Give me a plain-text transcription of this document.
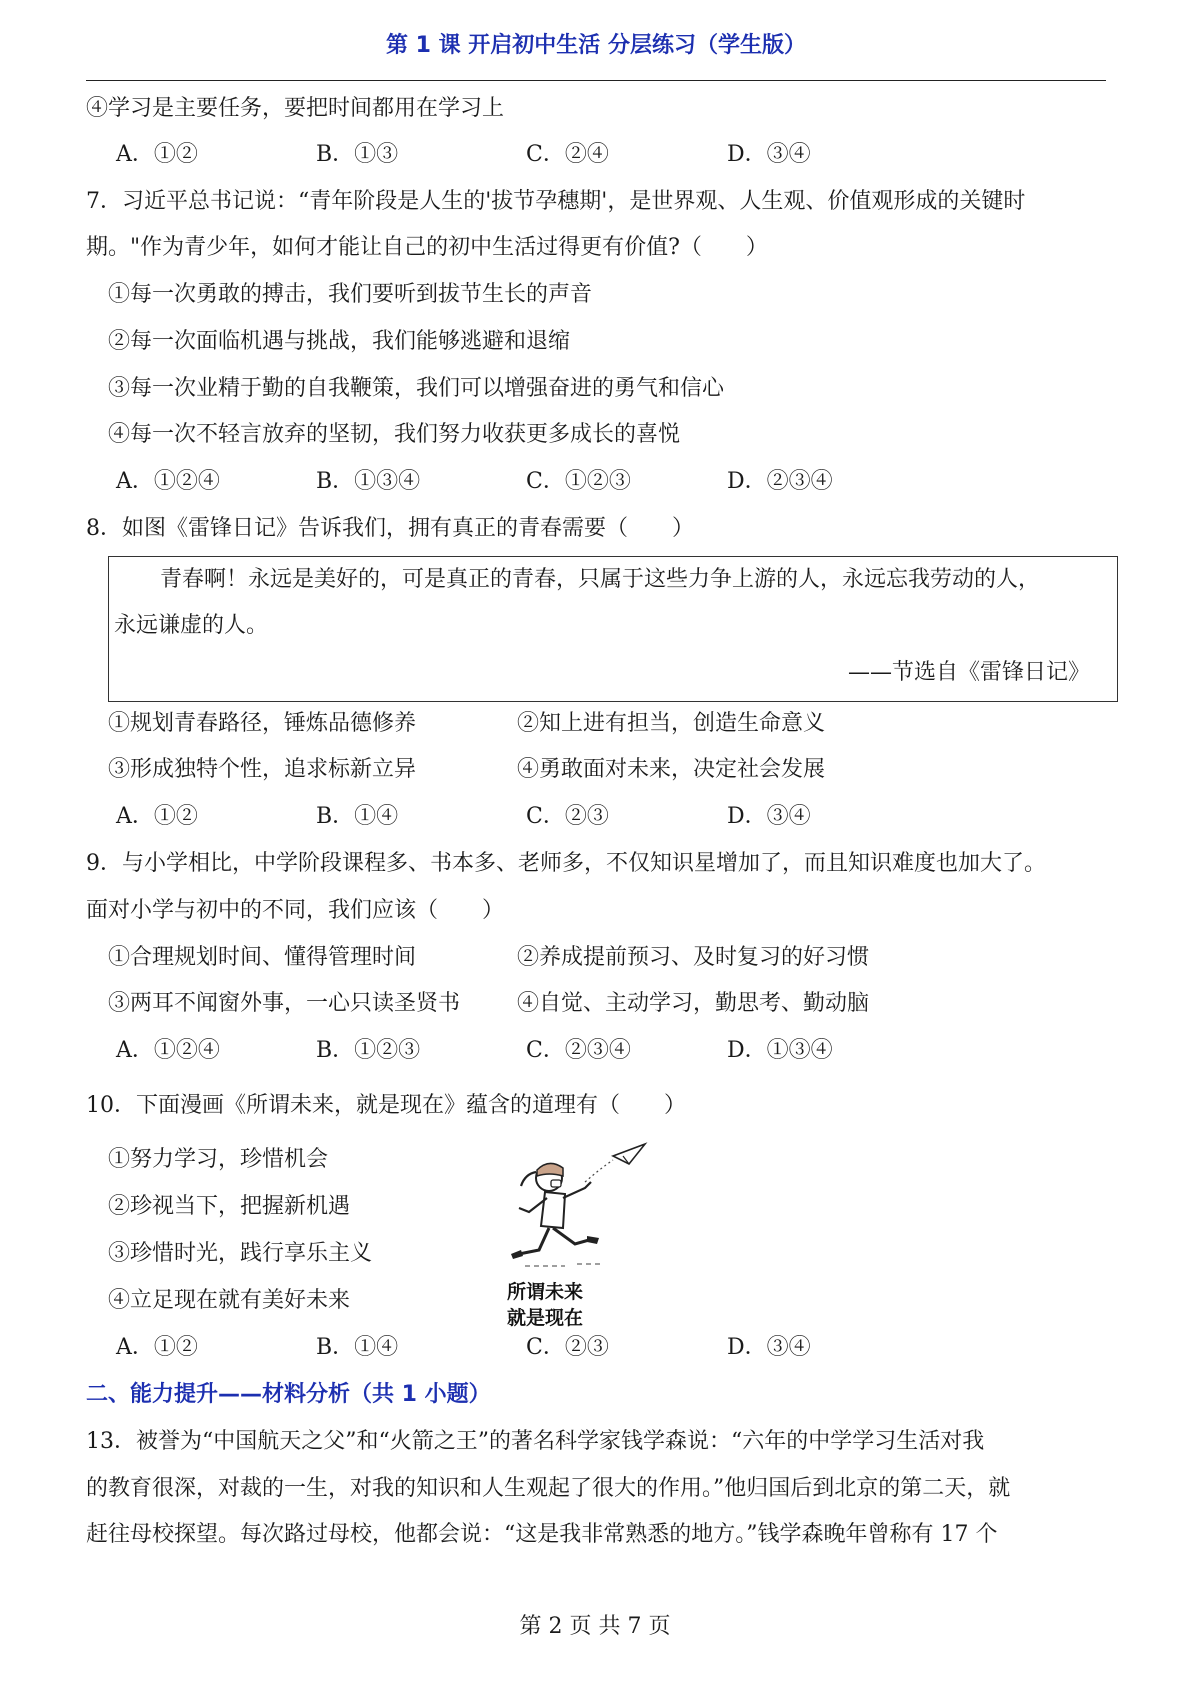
第 1 课 开启初中生活 分层练习（学生版）
④学习是主要任务，要把时间都用在学习上
A．①②	B．①③	C．②④	D．③④
7．习近平总书记说：“青年阶段是人生的'拔节孕穗期'，是世界观、人生观、价值观形成的关键时
期。"作为青少年，如何才能让自己的初中生活过得更有价值?（　　）
①每一次勇敢的搏击，我们要听到拔节生长的声音
②每一次面临机遇与挑战，我们能够逃避和退缩
③每一次业精于勤的自我鞭策，我们可以增强奋进的勇气和信心
④每一次不轻言放弃的坚韧，我们努力收获更多成长的喜悦
A．①②④	B．①③④	C．①②③	D．②③④
8．如图《雷锋日记》告诉我们，拥有真正的青春需要（　　）
青春啊！永远是美好的，可是真正的青春，只属于这些力争上游的人，永远忘我劳动的人，
永远谦虚的人。
——节选自《雷锋日记》
①规划青春路径，锤炼品德修养	②知上进有担当，创造生命意义
③形成独特个性，追求标新立异	④勇敢面对未来，决定社会发展
A．①②	B．①④	C．②③	D．③④
9．与小学相比，中学阶段课程多、书本多、老师多，不仅知识星增加了，而且知识难度也加大了。
面对小学与初中的不同，我们应该（　　）
①合理规划时间、懂得管理时间	②养成提前预习、及时复习的好习惯
③两耳不闻窗外事，一心只读圣贤书	④自觉、主动学习，勤思考、勤动脑
A．①②④	B．①②③	C．②③④	D．①③④
10．下面漫画《所谓未来，就是现在》蕴含的道理有（　　）
①努力学习，珍惜机会
②珍视当下，把握新机遇
③珍惜时光，践行享乐主义
④立足现在就有美好未来	所谓未来
就是现在
A．①②	B．①④	C．②③	D．③④
二、能力提升——材料分析（共 1 小题）
13．被誉为“中国航天之父”和“火箭之王”的著名科学家钱学森说：“六年的中学学习生活对我
的教育很深，对裁的一生，对我的知识和人生观起了很大的作用。”他归国后到北京的第二天，就
赶往母校探望。每次路过母校，他都会说：“这是我非常熟悉的地方。”钱学森晚年曾称有 17 个
第 2 页 共 7 页
